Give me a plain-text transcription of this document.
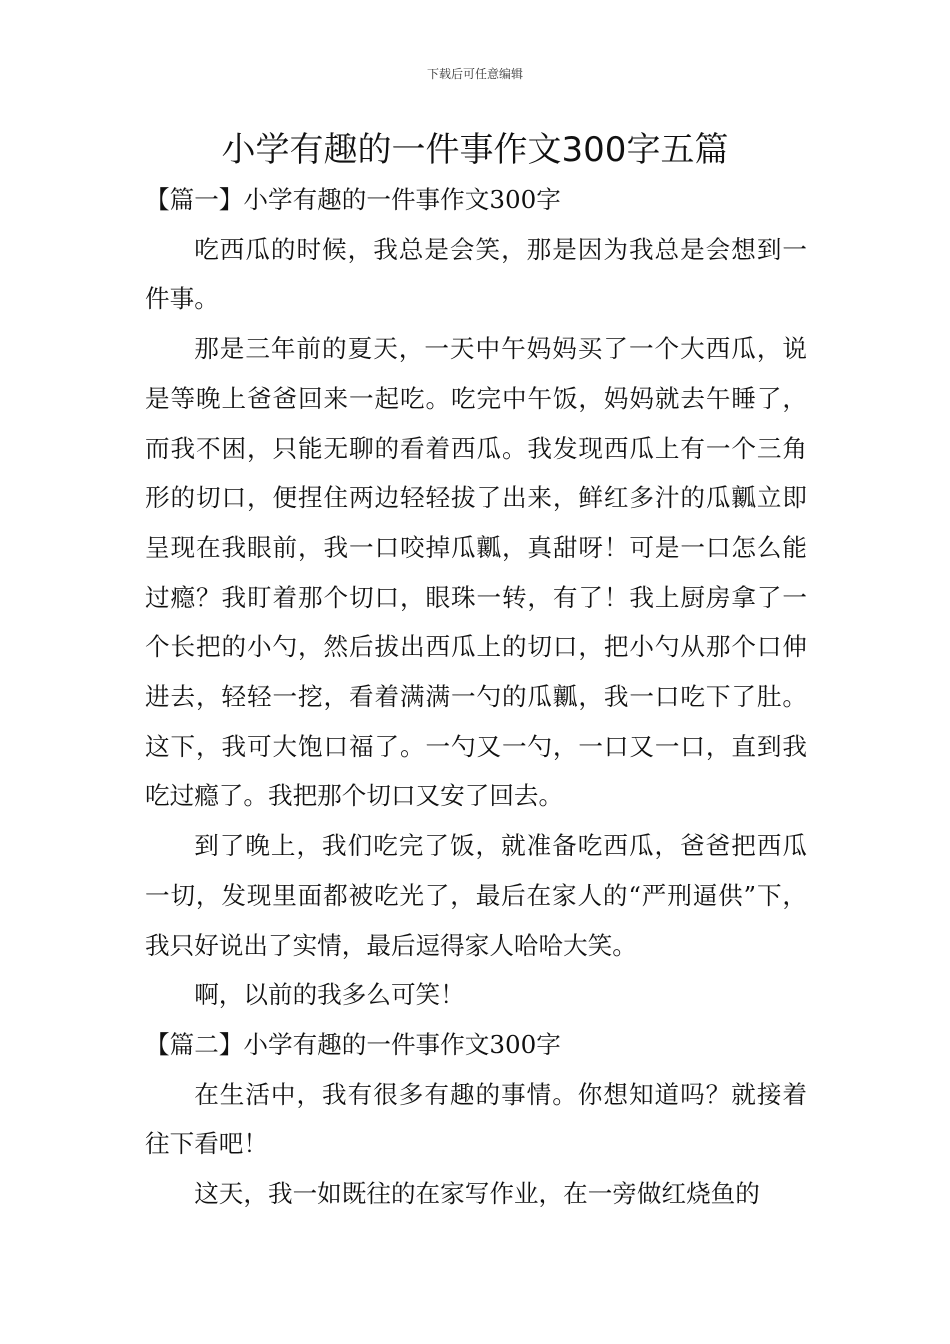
下载后可任意编辑
小学有趣的一件事作文300字五篇
【篇一】小学有趣的一件事作文300字

吃西瓜的时候，我总是会笑，那是因为我总是会想到一件事。

那是三年前的夏天，一天中午妈妈买了一个大西瓜，说是等晚上爸爸回来一起吃。吃完中午饭，妈妈就去午睡了，而我不困，只能无聊的看着西瓜。我发现西瓜上有一个三角形的切口，便捏住两边轻轻拔了出来，鲜红多汁的瓜瓤立即呈现在我眼前，我一口咬掉瓜瓤，真甜呀！可是一口怎么能过瘾？我盯着那个切口，眼珠一转，有了！我上厨房拿了一个长把的小勺，然后拔出西瓜上的切口，把小勺从那个口伸进去，轻轻一挖，看着满满一勺的瓜瓤，我一口吃下了肚。这下，我可大饱口福了。一勺又一勺，一口又一口，直到我吃过瘾了。我把那个切口又安了回去。

到了晚上，我们吃完了饭，就准备吃西瓜，爸爸把西瓜一切，发现里面都被吃光了，最后在家人的“严刑逼供”下，我只好说出了实情，最后逗得家人哈哈大笑。

啊，以前的我多么可笑！

【篇二】小学有趣的一件事作文300字

在生活中，我有很多有趣的事情。你想知道吗？就接着往下看吧！

这天，我一如既往的在家写作业，在一旁做红烧鱼的
